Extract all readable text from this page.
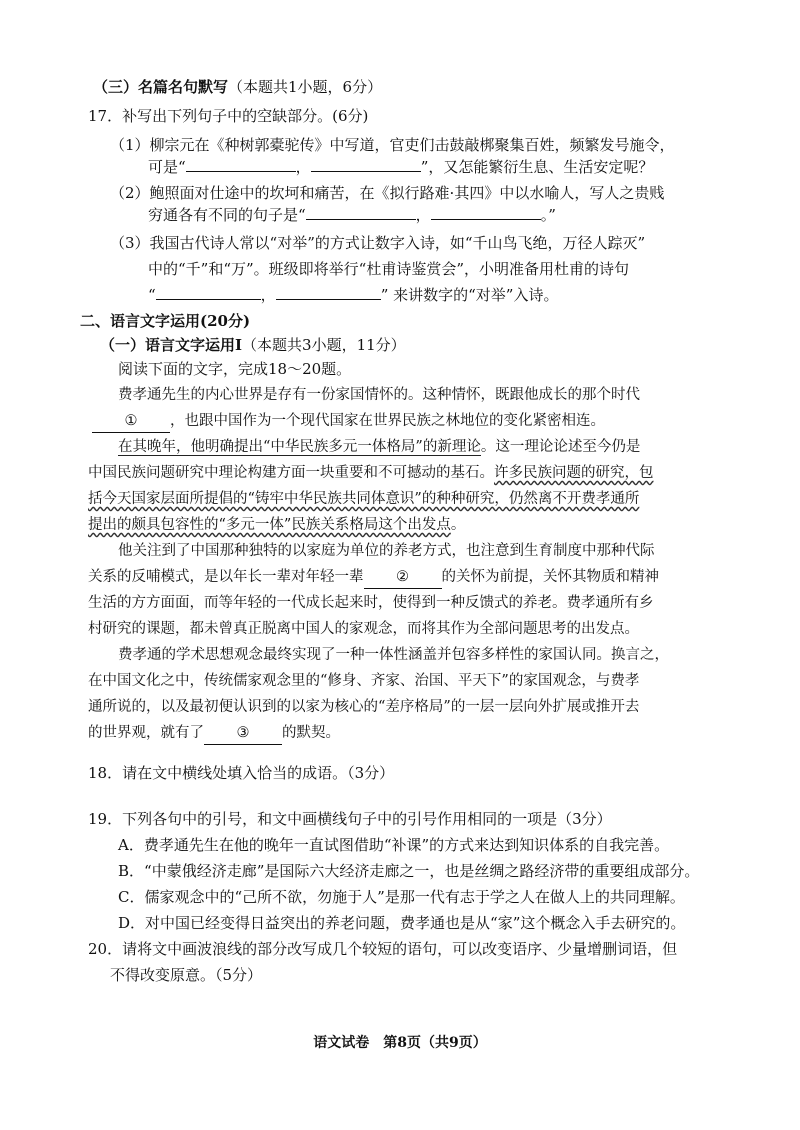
（三）名篇名句默写（本题共1小题，6分）
17．补写出下列句子中的空缺部分。(6分)
（1）柳宗元在《种树郭橐驼传》中写道，官吏们击鼓敲梆聚集百姓，频繁发号施令，
可是“	，	”，又怎能繁衍生息、生活安定呢？
（2）鲍照面对仕途中的坎坷和痛苦，在《拟行路难·其四》中以水喻人，写人之贵贱
穷通各有不同的句子是“	，	。”
（3）我国古代诗人常以“对举”的方式让数字入诗，如“千山鸟飞绝，万径人踪灭”
中的“千”和“万”。班级即将举行“杜甫诗鉴赏会”，小明准备用杜甫的诗句
“	，	” 来讲数字的“对举”入诗。
二、语言文字运用(20分)
（一）语言文字运用Ⅰ（本题共3小题，11分）
阅读下面的文字，完成18～20题。
费孝通先生的内心世界是存有一份家国情怀的。这种情怀，既跟他成长的那个时代
① ，也跟中国作为一个现代国家在世界民族之林地位的变化紧密相连。
在其晚年，他明确提出“中华民族多元一体格局”的新理论。这一理论论述至今仍是
中国民族问题研究中理论构建方面一块重要和不可撼动的基石。许多民族问题的研究，包
括今天国家层面所提倡的“铸牢中华民族共同体意识”的种种研究，仍然离不开费孝通所
提出的颇具包容性的“多元一体”民族关系格局这个出发点。
他关注到了中国那种独特的以家庭为单位的养老方式，也注意到生育制度中那种代际
关系的反哺模式，是以年长一辈对年轻一辈 ② 的关怀为前提，关怀其物质和精神
生活的方方面面，而等年轻的一代成长起来时，使得到一种反馈式的养老。费孝通所有乡
村研究的课题，都未曾真正脱离中国人的家观念，而将其作为全部问题思考的出发点。
费孝通的学术思想观念最终实现了一种一体性涵盖并包容多样性的家国认同。换言之，
在中国文化之中，传统儒家观念里的“修身、齐家、治国、平天下”的家国观念，与费孝
通所说的，以及最初便认识到的以家为核心的“差序格局”的一层一层向外扩展或推开去
的世界观，就有了 ③ 的默契。
18．请在文中横线处填入恰当的成语。（3分）
19．下列各句中的引号，和文中画横线句子中的引号作用相同的一项是（3分）
A．费孝通先生在他的晚年一直试图借助“补课”的方式来达到知识体系的自我完善。
B．“中蒙俄经济走廊”是国际六大经济走廊之一，也是丝绸之路经济带的重要组成部分。
C．儒家观念中的“己所不欲，勿施于人”是那一代有志于学之人在做人上的共同理解。
D．对中国已经变得日益突出的养老问题，费孝通也是从“家”这个概念入手去研究的。
20．请将文中画波浪线的部分改写成几个较短的语句，可以改变语序、少量增删词语，但
不得改变原意。（5分）
语文试卷　第8页（共9页）
